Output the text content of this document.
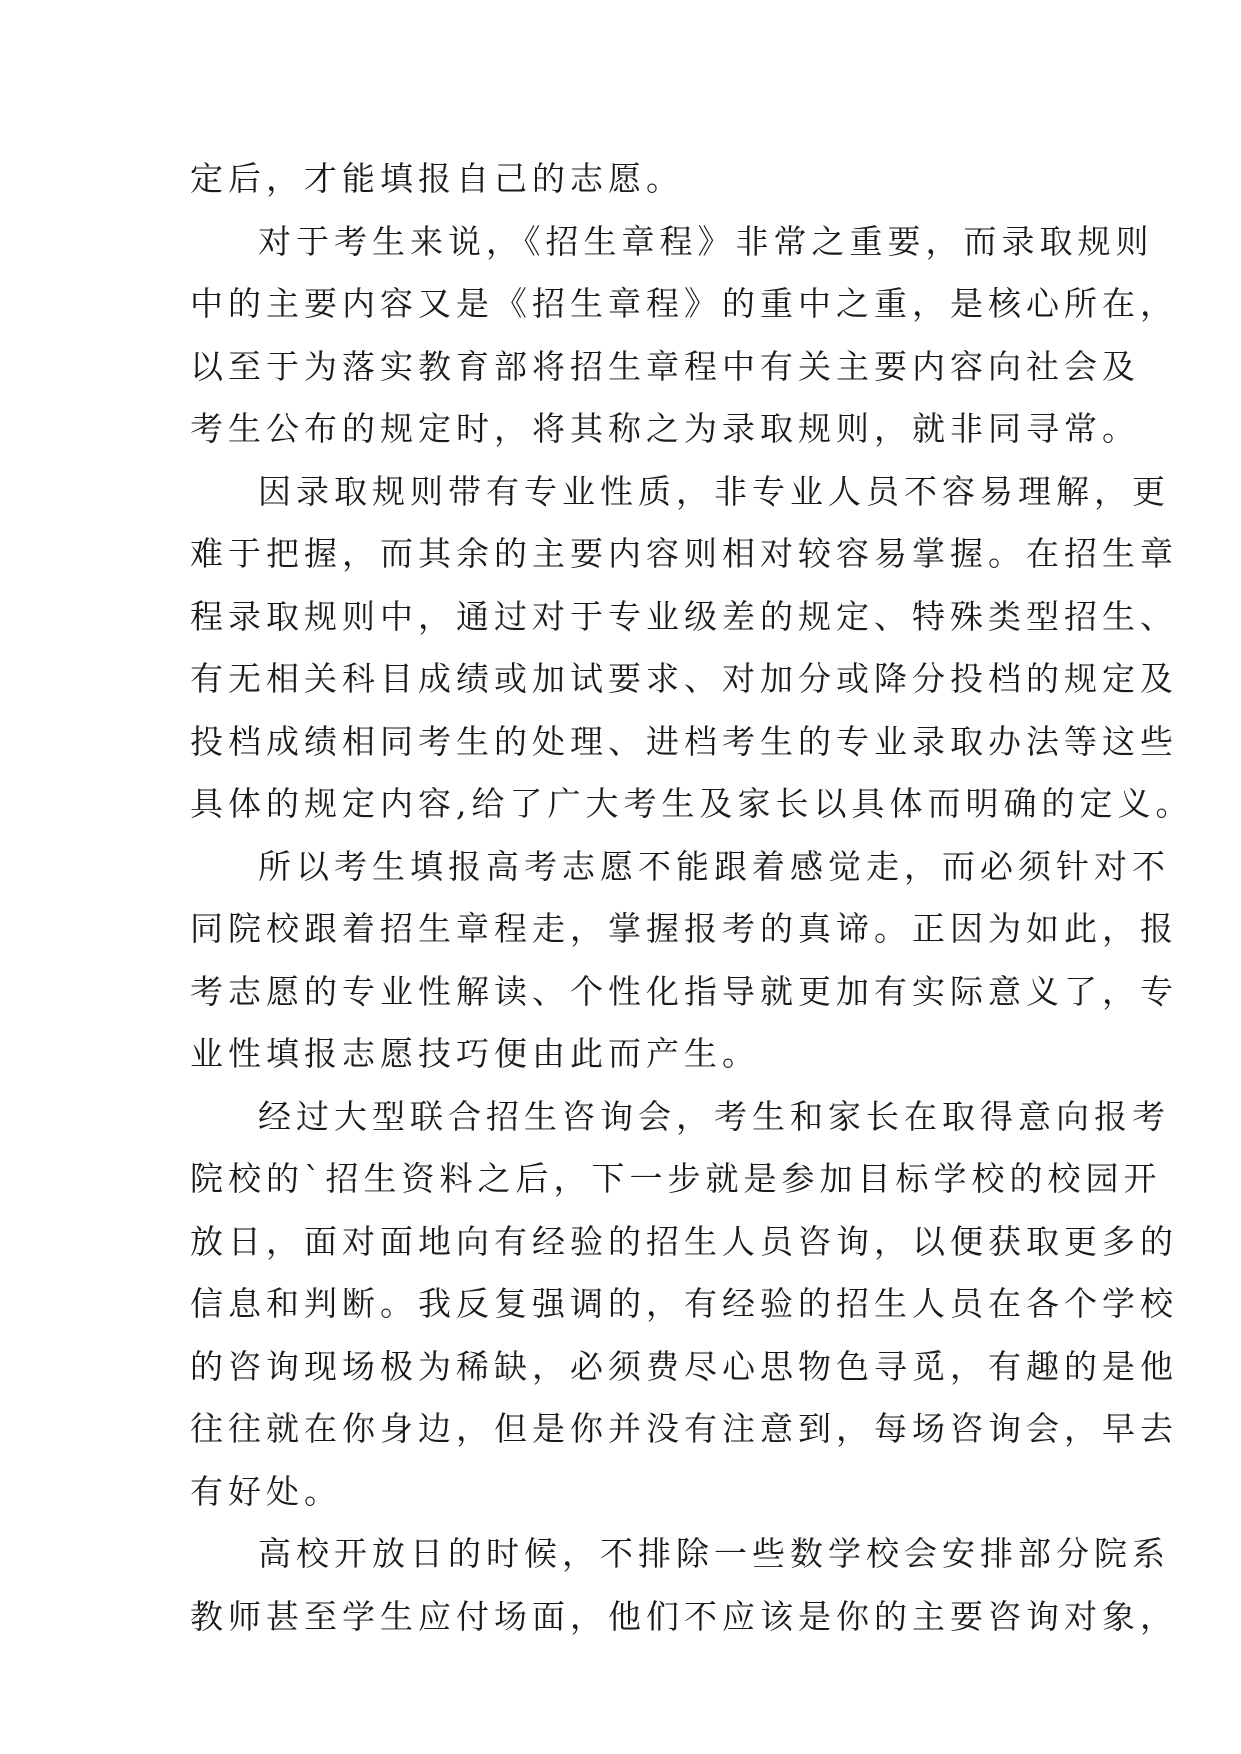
定后，才能填报自己的志愿。
对于考生来说，《招生章程》非常之重要，而录取规则
中的主要内容又是《招生章程》的重中之重，是核心所在，
以至于为落实教育部将招生章程中有关主要内容向社会及
考生公布的规定时，将其称之为录取规则，就非同寻常。
因录取规则带有专业性质，非专业人员不容易理解，更
难于把握，而其余的主要内容则相对较容易掌握。在招生章
程录取规则中，通过对于专业级差的规定、特殊类型招生、
有无相关科目成绩或加试要求、对加分或降分投档的规定及
投档成绩相同考生的处理、进档考生的专业录取办法等这些
具体的规定内容,给了广大考生及家长以具体而明确的定义。
所以考生填报高考志愿不能跟着感觉走，而必须针对不
同院校跟着招生章程走，掌握报考的真谛。正因为如此，报
考志愿的专业性解读、个性化指导就更加有实际意义了，专
业性填报志愿技巧便由此而产生。
经过大型联合招生咨询会，考生和家长在取得意向报考
院校的`招生资料之后，下一步就是参加目标学校的校园开
放日，面对面地向有经验的招生人员咨询，以便获取更多的
信息和判断。我反复强调的，有经验的招生人员在各个学校
的咨询现场极为稀缺，必须费尽心思物色寻觅，有趣的是他
往往就在你身边，但是你并没有注意到，每场咨询会，早去
有好处。
高校开放日的时候，不排除一些数学校会安排部分院系
教师甚至学生应付场面，他们不应该是你的主要咨询对象，
